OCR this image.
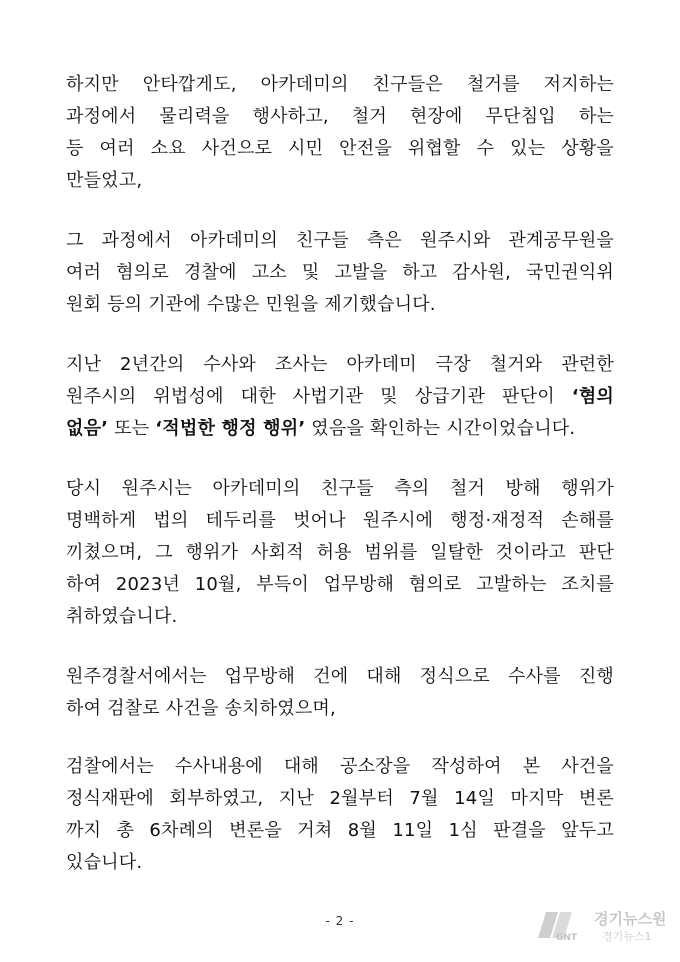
하지만 안타깝게도, 아카데미의 친구들은 철거를 저지하는
과정에서 물리력을 행사하고, 철거 현장에 무단침입 하는
등 여러 소요 사건으로 시민 안전을 위협할 수 있는 상황을
만들었고,
그 과정에서 아카데미의 친구들 측은 원주시와 관계공무원을
여러 혐의로 경찰에 고소 및 고발을 하고 감사원, 국민권익위
원회 등의 기관에 수많은 민원을 제기했습니다.
지난 2년간의 수사와 조사는 아카데미 극장 철거와 관련한
원주시의 위법성에 대한 사법기관 및 상급기관 판단이 ‘혐의
없음’ 또는 ‘적법한 행정 행위’ 였음을 확인하는 시간이었습니다.
당시 원주시는 아카데미의 친구들 측의 철거 방해 행위가
명백하게 법의 테두리를 벗어나 원주시에 행정·재정적 손해를
끼쳤으며, 그 행위가 사회적 허용 범위를 일탈한 것이라고 판단
하여 2023년 10월, 부득이 업무방해 혐의로 고발하는 조치를
취하였습니다.
원주경찰서에서는 업무방해 건에 대해 정식으로 수사를 진행
하여 검찰로 사건을 송치하였으며,
검찰에서는 수사내용에 대해 공소장을 작성하여 본 사건을
정식재판에 회부하였고, 지난 2월부터 7월 14일 마지막 변론
까지 총 6차례의 변론을 거쳐 8월 11일 1심 판결을 앞두고
있습니다.
- 2 -
GNT
경기뉴스원
경기뉴스1
